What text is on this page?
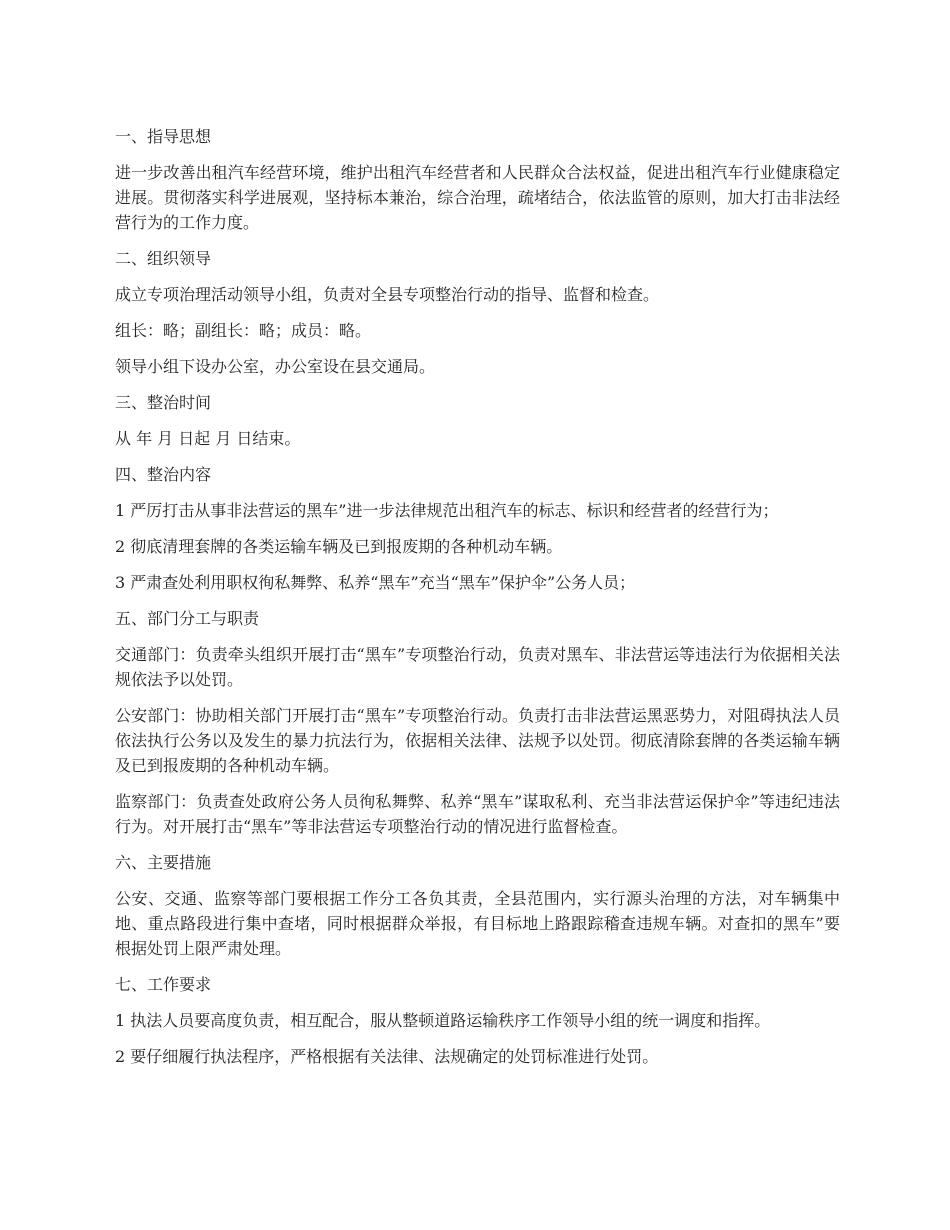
一、指导思想
进一步改善出租汽车经营环境，维护出租汽车经营者和人民群众合法权益，促进出租汽车行业健康稳定进展。贯彻落实科学进展观，坚持标本兼治，综合治理，疏堵结合，依法监管的原则，加大打击非法经营行为的工作力度。
二、组织领导
成立专项治理活动领导小组，负责对全县专项整治行动的指导、监督和检查。
组长：略；副组长：略；成员：略。
领导小组下设办公室，办公室设在县交通局。
三、整治时间
从 年 月 日起 月 日结束。
四、整治内容
1 严厉打击从事非法营运的黑车”进一步法律规范出租汽车的标志、标识和经营者的经营行为；
2 彻底清理套牌的各类运输车辆及已到报废期的各种机动车辆。
3 严肃查处利用职权徇私舞弊、私养“黑车”充当“黑车”保护伞”公务人员；
五、部门分工与职责
交通部门：负责牵头组织开展打击“黑车”专项整治行动，负责对黑车、非法营运等违法行为依据相关法规依法予以处罚。
公安部门：协助相关部门开展打击“黑车”专项整治行动。负责打击非法营运黑恶势力，对阻碍执法人员依法执行公务以及发生的暴力抗法行为，依据相关法律、法规予以处罚。彻底清除套牌的各类运输车辆及已到报废期的各种机动车辆。
监察部门：负责查处政府公务人员徇私舞弊、私养“黑车”谋取私利、充当非法营运保护伞”等违纪违法行为。对开展打击“黑车”等非法营运专项整治行动的情况进行监督检查。
六、主要措施
公安、交通、监察等部门要根据工作分工各负其责，全县范围内，实行源头治理的方法，对车辆集中地、重点路段进行集中查堵，同时根据群众举报，有目标地上路跟踪稽查违规车辆。对查扣的黑车”要根据处罚上限严肃处理。
七、工作要求
1 执法人员要高度负责，相互配合，服从整顿道路运输秩序工作领导小组的统一调度和指挥。
2 要仔细履行执法程序，严格根据有关法律、法规确定的处罚标准进行处罚。
